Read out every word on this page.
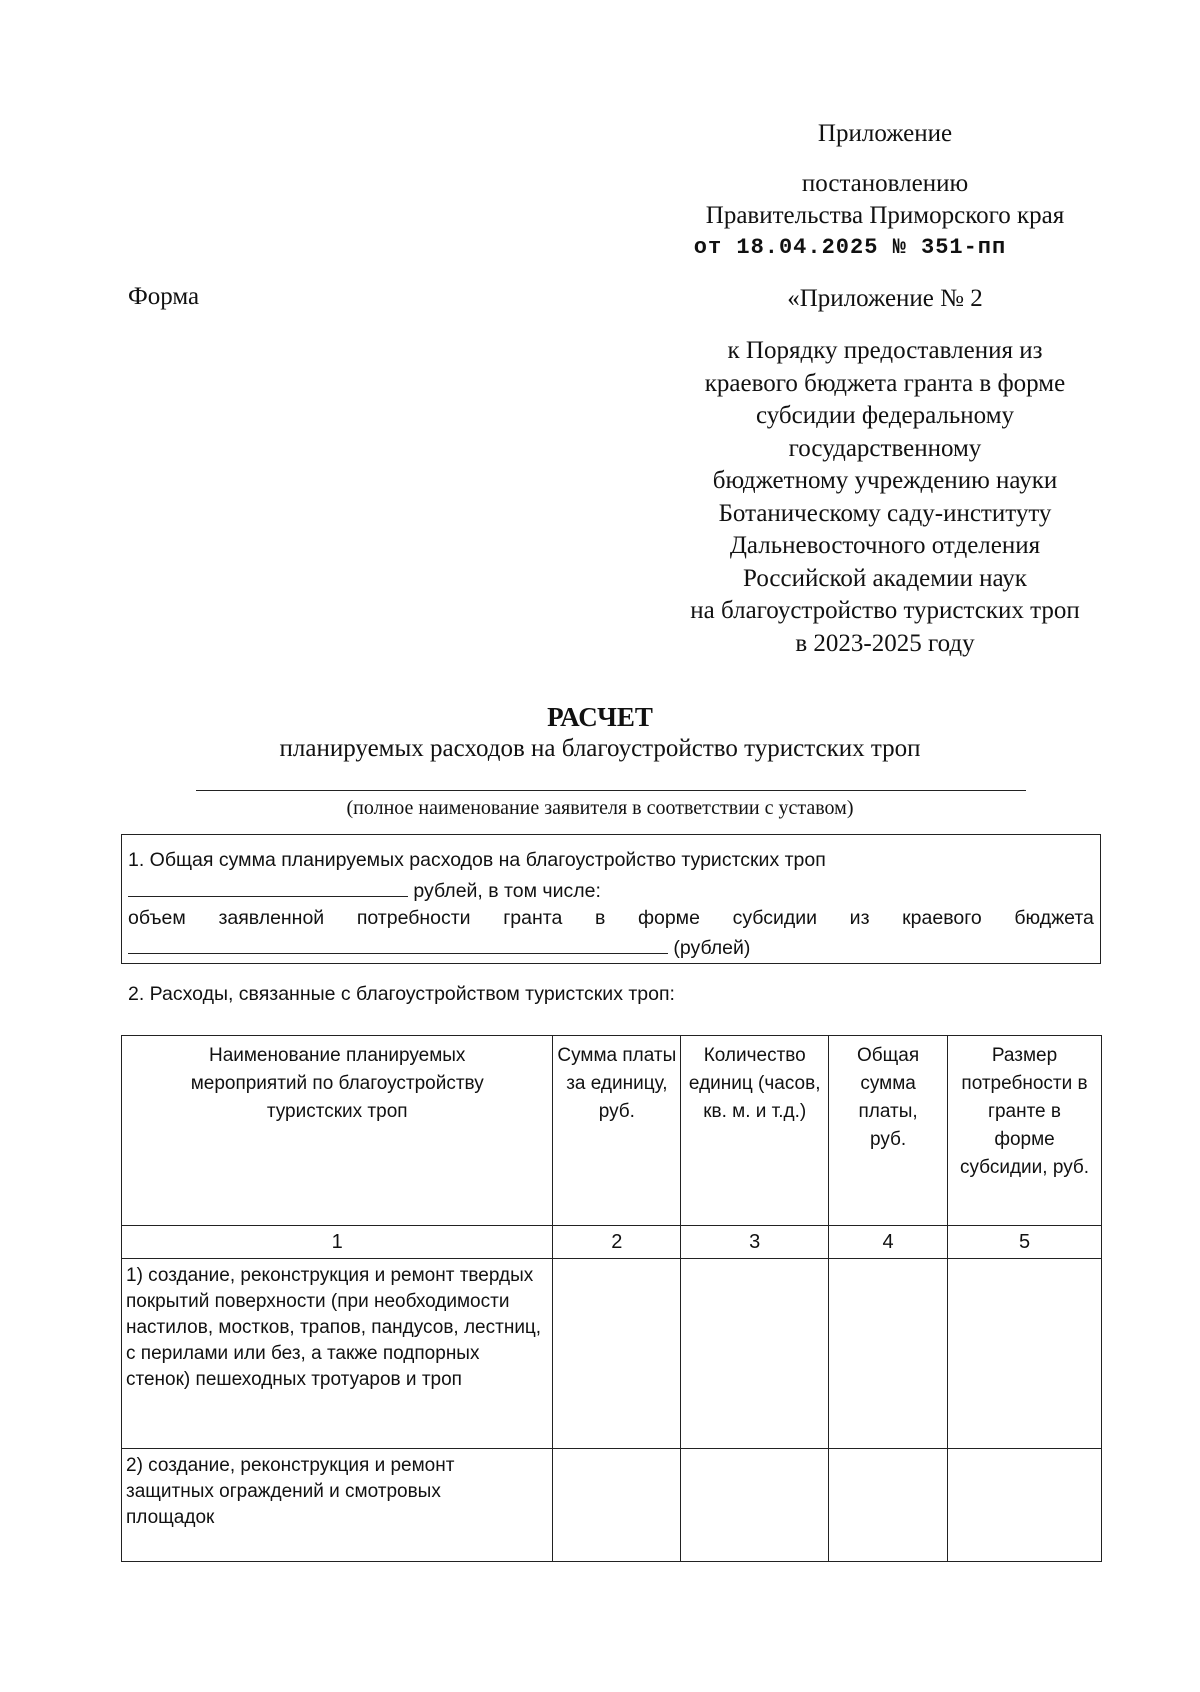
Приложение
постановлению
Правительства Приморского края
от 18.04.2025 № 351-пп
Форма	«Приложение № 2
к Порядку предоставления из
краевого бюджета гранта в форме
субсидии федеральному
государственному
бюджетному учреждению науки
Ботаническому саду-институту
Дальневосточного отделения
Российской академии наук
на благоустройство туристских троп
в 2023-2025 году
РАСЧЕТ
планируемых расходов на благоустройство туристских троп
(полное наименование заявителя в соответствии с уставом)
1. Общая сумма планируемых расходов на благоустройство туристских троп
рублей, в том числе:
объем заявленной потребности гранта в форме субсидии из краевого бюджета
(рублей)
2. Расходы, связанные с благоустройством туристских троп:
Наименование планируемых мероприятий по благоустройству туристских троп	Сумма платы за единицу, руб.	Количество единиц (часов, кв. м. и т.д.)	Общая сумма платы, руб.	Размер потребности в гранте в форме субсидии, руб.
1	2	3	4	5
1) создание, реконструкция и ремонт твердых покрытий поверхности (при необходимости настилов, мостков, трапов, пандусов, лестниц, с перилами или без, а также подпорных стенок) пешеходных тротуаров и троп				
2) создание, реконструкция и ремонт защитных ограждений и смотровых площадок				
